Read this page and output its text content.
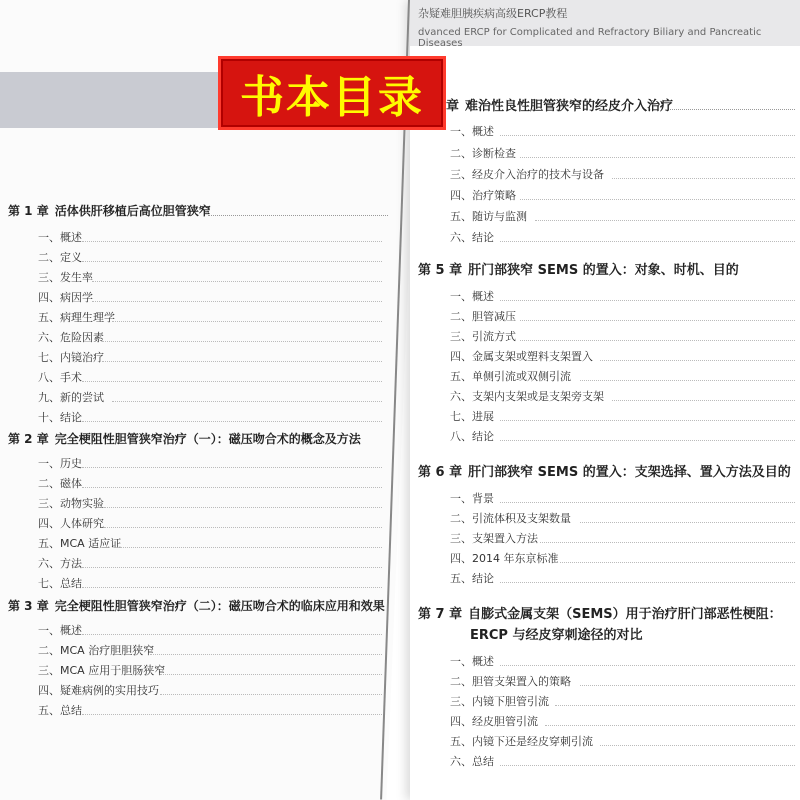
杂疑难胆胰疾病高级ERCP教程
dvanced ERCP for Complicated and Refractory Biliary and Pancreatic Diseases
书本目录
第 1 章 活体供肝移植后高位胆管狭窄
一、概述
二、定义
三、发生率
四、病因学
五、病理生理学
六、危险因素
七、内镜治疗
八、手术
九、新的尝试
十、结论
第 2 章 完全梗阻性胆管狭窄治疗（一）：磁压吻合术的概念及方法
一、历史
二、磁体
三、动物实验
四、人体研究
五、MCA 适应证
六、方法
七、总结
第 3 章 完全梗阻性胆管狭窄治疗（二）：磁压吻合术的临床应用和效果
一、概述
二、MCA 治疗胆胆狭窄
三、MCA 应用于胆肠狭窄
四、疑难病例的实用技巧
五、总结
章 难治性良性胆管狭窄的经皮介入治疗
一、概述
二、诊断检查
三、经皮介入治疗的技术与设备
四、治疗策略
五、随访与监测
六、结论
第 5 章 肝门部狭窄 SEMS 的置入：对象、时机、目的
一、概述
二、胆管减压
三、引流方式
四、金属支架或塑料支架置入
五、单侧引流或双侧引流
六、支架内支架或是支架旁支架
七、进展
八、结论
第 6 章 肝门部狭窄 SEMS 的置入：支架选择、置入方法及目的
一、背景
二、引流体积及支架数量
三、支架置入方法
四、2014 年东京标准
五、结论
第 7 章 自膨式金属支架（SEMS）用于治疗肝门部恶性梗阻：
ERCP 与经皮穿刺途径的对比
一、概述
二、胆管支架置入的策略
三、内镜下胆管引流
四、经皮胆管引流
五、内镜下还是经皮穿刺引流
六、总结
